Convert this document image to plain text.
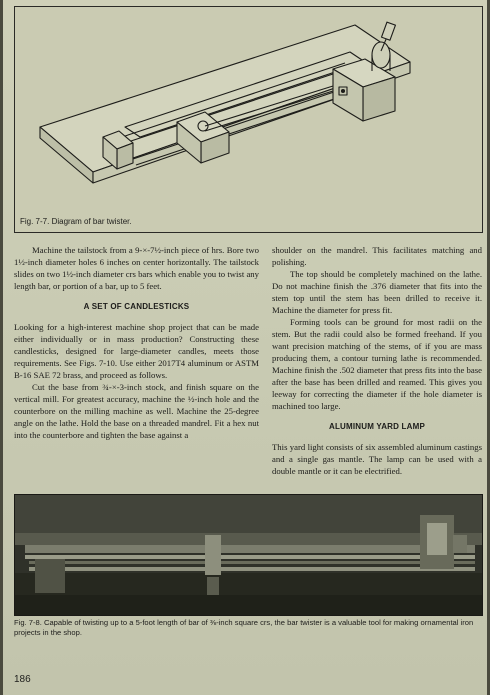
Fig. 7-7. Diagram of bar twister.

Machine the tailstock from a 9-×-7½-inch piece of hrs. Bore two 1½-inch diameter holes 6 inches on center horizontally. The tailstock slides on two 1½-inch diameter crs bars which enable you to twist any length bar, or portion of a bar, up to 5 feet.

A SET OF CANDLESTICKS

Looking for a high-interest machine shop project that can be made either individually or in mass production? Constructing these candlesticks, designed for large-diameter candles, meets those requirements. See Figs. 7-10. Use either 2017T4 aluminum or ASTM B-16 SAE 72 brass, and proceed as follows.

Cut the base from ¾-×-3-inch stock, and finish square on the vertical mill. For greatest accuracy, machine the ½-inch hole and the counterbore on the milling machine as well. Machine the 25-degree angle on the lathe. Hold the base on a threaded mandrel. Fit a hex nut into the counterbore and tighten the base against a

shoulder on the mandrel. This facilitates matching and polishing.

The top should be completely machined on the lathe. Do not machine finish the .376 diameter that fits into the stem top until the stem has been drilled to receive it. Machine the diameter for press fit.

Forming tools can be ground for most radii on the stem. But the radii could also be formed freehand. If you want precision matching of the stems, of if you are mass producing them, a contour turning lathe is recommended. Machine finish the .502 diameter that press fits into the base after the base has been drilled and reamed. This gives you leeway for correcting the diameter if the hole diameter is machined too large.

ALUMINUM YARD LAMP

This yard light consists of six assembled aluminum castings and a single gas mantle. The lamp can be used with a double mantle or it can be electrified.

Fig. 7-8. Capable of twisting up to a 5-foot length of bar of ⅜-inch square crs, the bar twister is a valuable tool for making ornamental iron projects in the shop.
186
